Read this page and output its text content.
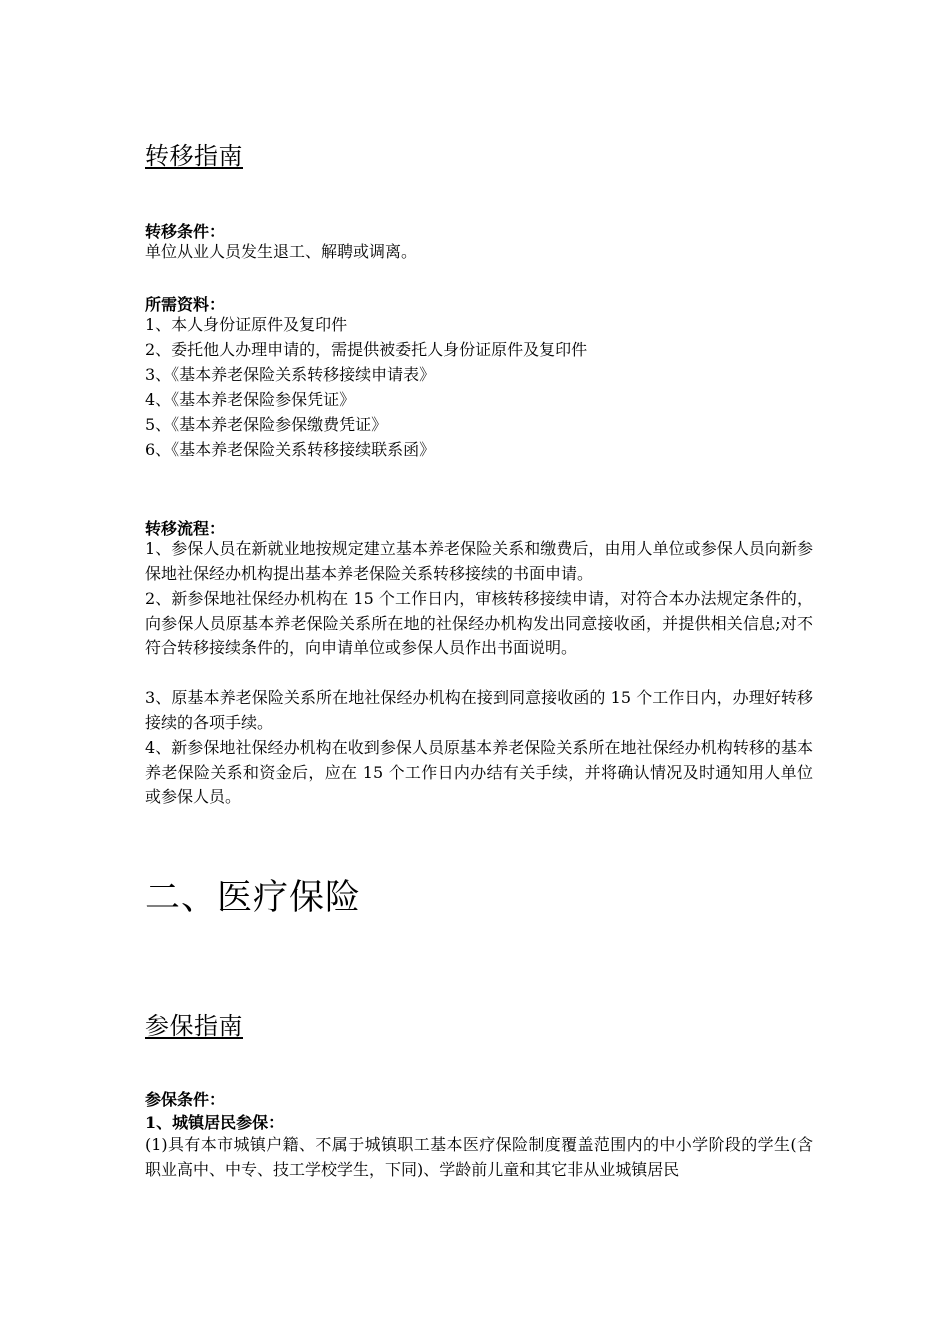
转移指南
转移条件：
单位从业人员发生退工、解聘或调离。
所需资料：
1、本人身份证原件及复印件
2、委托他人办理申请的，需提供被委托人身份证原件及复印件
3、《基本养老保险关系转移接续申请表》
4、《基本养老保险参保凭证》
5、《基本养老保险参保缴费凭证》
6、《基本养老保险关系转移接续联系函》
转移流程：
1、参保人员在新就业地按规定建立基本养老保险关系和缴费后，由用人单位或参保人员向新参保地社保经办机构提出基本养老保险关系转移接续的书面申请。
2、新参保地社保经办机构在 15 个工作日内，审核转移接续申请，对符合本办法规定条件的，向参保人员原基本养老保险关系所在地的社保经办机构发出同意接收函，并提供相关信息;对不符合转移接续条件的，向申请单位或参保人员作出书面说明。
3、原基本养老保险关系所在地社保经办机构在接到同意接收函的 15 个工作日内，办理好转移接续的各项手续。
4、新参保地社保经办机构在收到参保人员原基本养老保险关系所在地社保经办机构转移的基本养老保险关系和资金后，应在 15 个工作日内办结有关手续，并将确认情况及时通知用人单位或参保人员。
二、医疗保险
参保指南
参保条件：
1、城镇居民参保：
(1)具有本市城镇户籍、不属于城镇职工基本医疗保险制度覆盖范围内的中小学阶段的学生(含职业高中、中专、技工学校学生，下同)、学龄前儿童和其它非从业城镇居民
